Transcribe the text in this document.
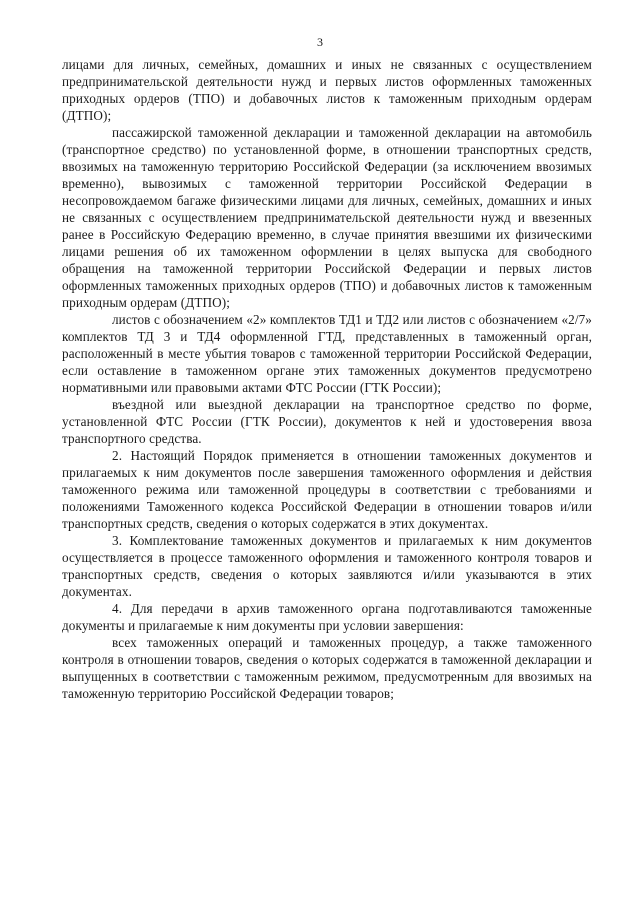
3

лицами для личных, семейных, домашних и иных не связанных с осуществлением предпринимательской деятельности нужд и первых листов оформленных таможенных приходных ордеров (ТПО) и добавочных листов к таможенным приходным ордерам (ДТПО);

пассажирской таможенной декларации и таможенной декларации на автомобиль (транспортное средство) по установленной форме, в отношении транспортных средств, ввозимых на таможенную территорию Российской Федерации (за исключением ввозимых временно), вывозимых с таможенной территории Российской Федерации в несопровождаемом багаже физическими лицами для личных, семейных, домашних и иных не связанных с осуществлением предпринимательской деятельности нужд и ввезенных ранее в Российскую Федерацию временно, в случае принятия ввезшими их физическими лицами решения об их таможенном оформлении в целях выпуска для свободного обращения на таможенной территории Российской Федерации и первых листов оформленных таможенных приходных ордеров (ТПО) и добавочных листов к таможенным приходным ордерам (ДТПО);

листов с обозначением «2» комплектов ТД1 и ТД2 или листов с обозначением «2/7» комплектов ТД 3 и ТД4 оформленной ГТД, представленных в таможенный орган, расположенный в месте убытия товаров с таможенной территории Российской Федерации, если оставление в таможенном органе этих таможенных документов предусмотрено нормативными или правовыми актами ФТС России (ГТК России);

въездной или выездной декларации на транспортное средство по форме, установленной ФТС России (ГТК России), документов к ней и удостоверения ввоза транспортного средства.

2. Настоящий Порядок применяется в отношении таможенных документов и прилагаемых к ним документов после завершения таможенного оформления и действия таможенного режима или таможенной процедуры в соответствии с требованиями и положениями Таможенного кодекса Российской Федерации в отношении товаров и/или транспортных средств, сведения о которых содержатся в этих документах.

3. Комплектование таможенных документов и прилагаемых к ним документов осуществляется в процессе таможенного оформления и таможенного контроля товаров и транспортных средств, сведения о которых заявляются и/или указываются в этих документах.

4. Для передачи в архив таможенного органа подготавливаются таможенные документы и прилагаемые к ним документы при условии завершения:

всех таможенных операций и таможенных процедур, а также таможенного контроля в отношении товаров, сведения о которых содержатся в таможенной декларации и выпущенных в соответствии с таможенным режимом, предусмотренным для ввозимых на таможенную территорию Российской Федерации товаров;
